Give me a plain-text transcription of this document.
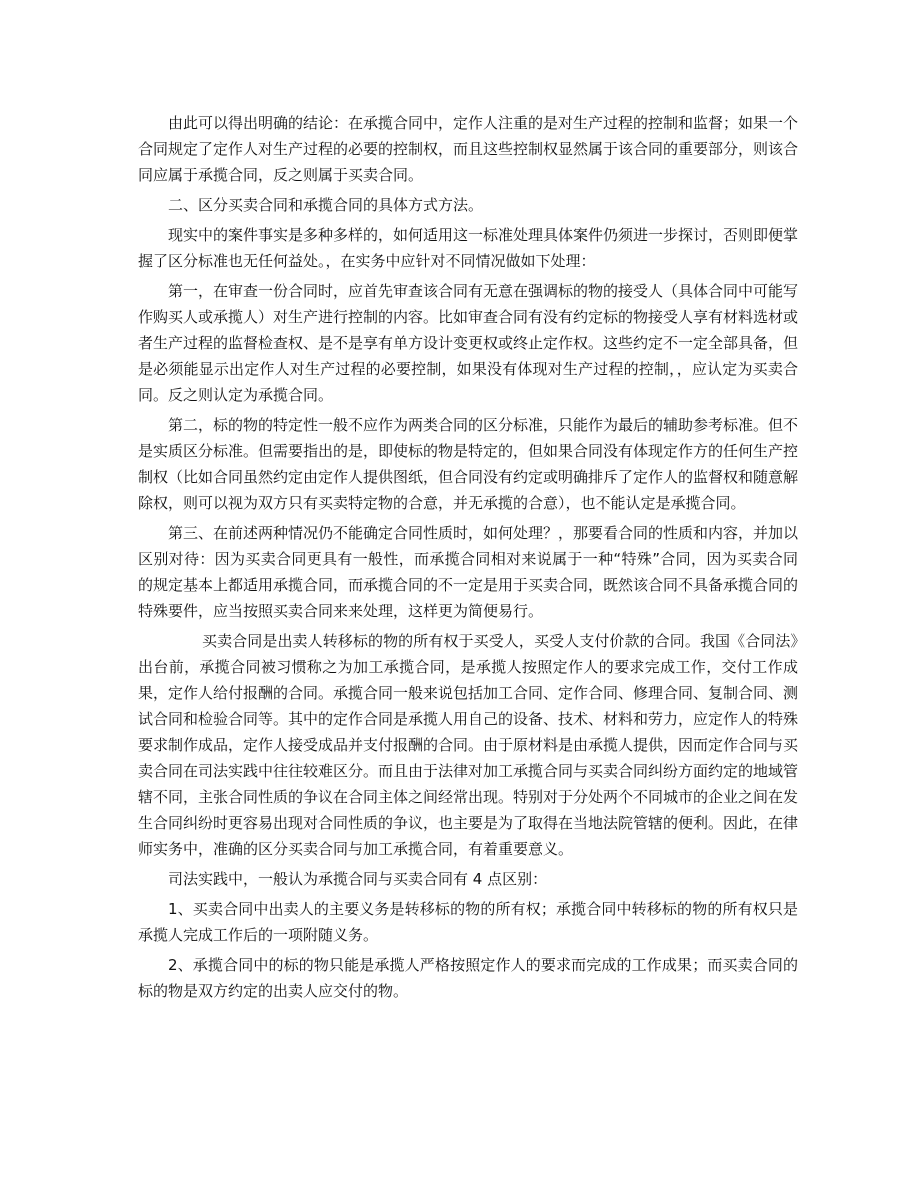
由此可以得出明确的结论：在承揽合同中，定作人注重的是对生产过程的控制和监督；如果一个合同规定了定作人对生产过程的必要的控制权，而且这些控制权显然属于该合同的重要部分，则该合同应属于承揽合同，反之则属于买卖合同。

二、区分买卖合同和承揽合同的具体方式方法。

现实中的案件事实是多种多样的，如何适用这一标准处理具体案件仍须进一步探讨，否则即便掌握了区分标准也无任何益处。，在实务中应针对不同情况做如下处理：

第一，在审查一份合同时，应首先审查该合同有无意在强调标的物的接受人（具体合同中可能写作购买人或承揽人）对生产进行控制的内容。比如审查合同有没有约定标的物接受人享有材料选材或者生产过程的监督检查权、是不是享有单方设计变更权或终止定作权。这些约定不一定全部具备，但是必须能显示出定作人对生产过程的必要控制，如果没有体现对生产过程的控制，，应认定为买卖合同。反之则认定为承揽合同。

第二，标的物的特定性一般不应作为两类合同的区分标准，只能作为最后的辅助参考标准。但不是实质区分标准。但需要指出的是，即使标的物是特定的，但如果合同没有体现定作方的任何生产控制权（比如合同虽然约定由定作人提供图纸，但合同没有约定或明确排斥了定作人的监督权和随意解除权，则可以视为双方只有买卖特定物的合意，并无承揽的合意），也不能认定是承揽合同。

第三、在前述两种情况仍不能确定合同性质时，如何处理？，那要看合同的性质和内容，并加以区别对待：因为买卖合同更具有一般性，而承揽合同相对来说属于一种“特殊”合同，因为买卖合同的规定基本上都适用承揽合同，而承揽合同的不一定是用于买卖合同，既然该合同不具备承揽合同的特殊要件，应当按照买卖合同来来处理，这样更为简便易行。

买卖合同是出卖人转移标的物的所有权于买受人，买受人支付价款的合同。我国《合同法》出台前，承揽合同被习惯称之为加工承揽合同，是承揽人按照定作人的要求完成工作，交付工作成果，定作人给付报酬的合同。承揽合同一般来说包括加工合同、定作合同、修理合同、复制合同、测试合同和检验合同等。其中的定作合同是承揽人用自己的设备、技术、材料和劳力，应定作人的特殊要求制作成品，定作人接受成品并支付报酬的合同。由于原材料是由承揽人提供，因而定作合同与买卖合同在司法实践中往往较难区分。而且由于法律对加工承揽合同与买卖合同纠纷方面约定的地域管辖不同，主张合同性质的争议在合同主体之间经常出现。特别对于分处两个不同城市的企业之间在发生合同纠纷时更容易出现对合同性质的争议，也主要是为了取得在当地法院管辖的便利。因此，在律师实务中，准确的区分买卖合同与加工承揽合同，有着重要意义。

司法实践中，一般认为承揽合同与买卖合同有 4 点区别：

1、买卖合同中出卖人的主要义务是转移标的物的所有权；承揽合同中转移标的物的所有权只是承揽人完成工作后的一项附随义务。

2、承揽合同中的标的物只能是承揽人严格按照定作人的要求而完成的工作成果；而买卖合同的标的物是双方约定的出卖人应交付的物。
